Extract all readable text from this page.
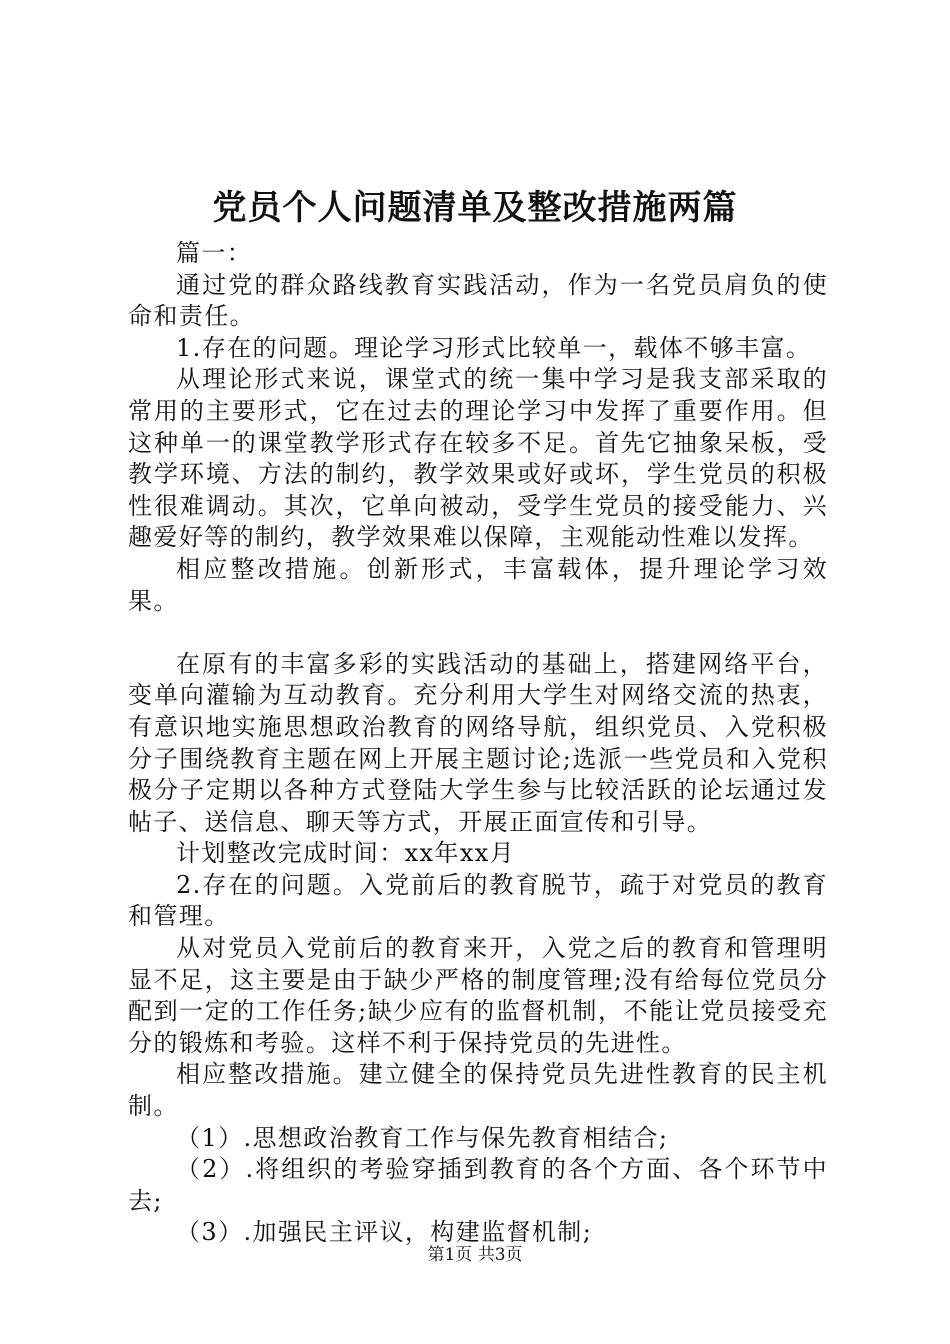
党员个人问题清单及整改措施两篇

篇一：

通过党的群众路线教育实践活动，作为一名党员肩负的使命和责任。

1.存在的问题。理论学习形式比较单一，载体不够丰富。

从理论形式来说，课堂式的统一集中学习是我支部采取的常用的主要形式，它在过去的理论学习中发挥了重要作用。但这种单一的课堂教学形式存在较多不足。首先它抽象呆板，受教学环境、方法的制约，教学效果或好或坏，学生党员的积极性很难调动。其次，它单向被动，受学生党员的接受能力、兴趣爱好等的制约，教学效果难以保障，主观能动性难以发挥。

相应整改措施。创新形式，丰富载体，提升理论学习效果。

在原有的丰富多彩的实践活动的基础上，搭建网络平台，变单向灌输为互动教育。充分利用大学生对网络交流的热衷，有意识地实施思想政治教育的网络导航，组织党员、入党积极分子围绕教育主题在网上开展主题讨论;选派一些党员和入党积极分子定期以各种方式登陆大学生参与比较活跃的论坛通过发帖子、送信息、聊天等方式，开展正面宣传和引导。

计划整改完成时间：xx年xx月

2.存在的问题。入党前后的教育脱节，疏于对党员的教育和管理。

从对党员入党前后的教育来开，入党之后的教育和管理明显不足，这主要是由于缺少严格的制度管理;没有给每位党员分配到一定的工作任务;缺少应有的监督机制，不能让党员接受充分的锻炼和考验。这样不利于保持党员的先进性。

相应整改措施。建立健全的保持党员先进性教育的民主机制。

（1）.思想政治教育工作与保先教育相结合;

（2）.将组织的考验穿插到教育的各个方面、各个环节中去;

（3）.加强民主评议，构建监督机制;

第1页 共3页
